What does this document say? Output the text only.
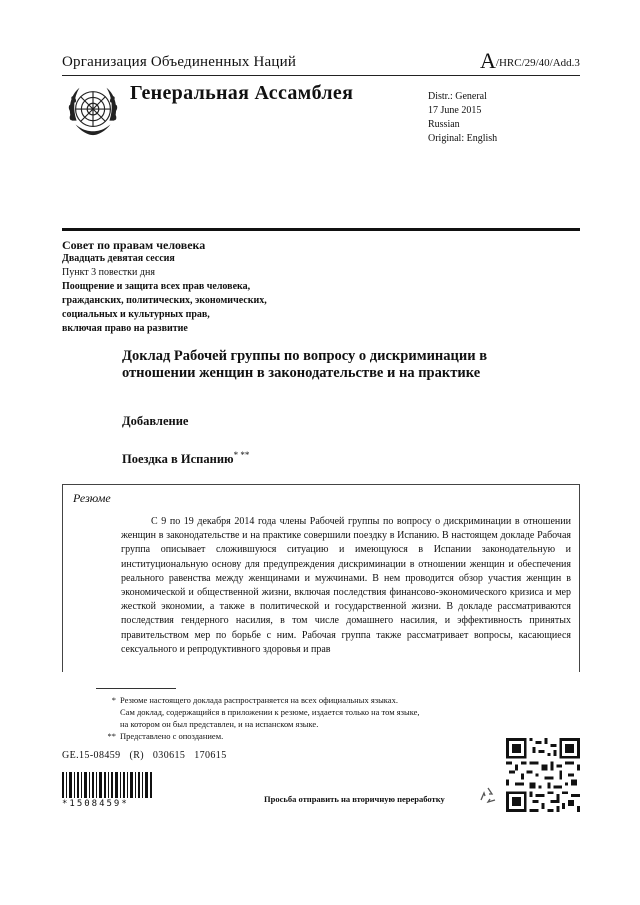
Организация Объединенных Наций	A/HRC/29/40/Add.3
Генеральная Ассамблея	Distr.: General
17 June 2015
Russian
Original: English
Совет по правам человека
Двадцать девятая сессия
Пункт 3 повестки дня
Поощрение и защита всех прав человека,
гражданских, политических, экономических,
социальных и культурных прав,
включая право на развитие
Доклад Рабочей группы по вопросу о дискриминации в отношении женщин в законодательстве и на практике
Добавление
Поездка в Испанию* **
Резюме

С 9 по 19 декабря 2014 года члены Рабочей группы по вопросу о дискриминации в отношении женщин в законодательстве и на практике совершили поездку в Испанию. В настоящем докладе Рабочая группа описывает сложившуюся ситуацию и имеющуюся в Испании законодательную и институциональную основу для предупреждения дискриминации в отношении женщин и обеспечения реального равенства между женщинами и мужчинами. В нем проводится обзор участия женщин в экономической и общественной жизни, включая последствия финансово-экономического кризиса и мер жесткой экономии, а также в политической и государственной жизни. В докладе рассматриваются последствия гендерного насилия, в том числе домашнего насилия, и эффективность принятых правительством мер по борьбе с ним. Рабочая группа также рассматривает вопросы, касающиеся сексуального и репродуктивного здоровья и прав

* Резюме настоящего доклада распространяется на всех официальных языках.
Сам доклад, содержащийся в приложении к резюме, издается только на том языке,
на котором он был представлен, и на испанском языке.
** Представлено с опозданием.
GE.15-08459 (R) 030615 170615
*1508459*	Просьба отправить на вторичную переработку
